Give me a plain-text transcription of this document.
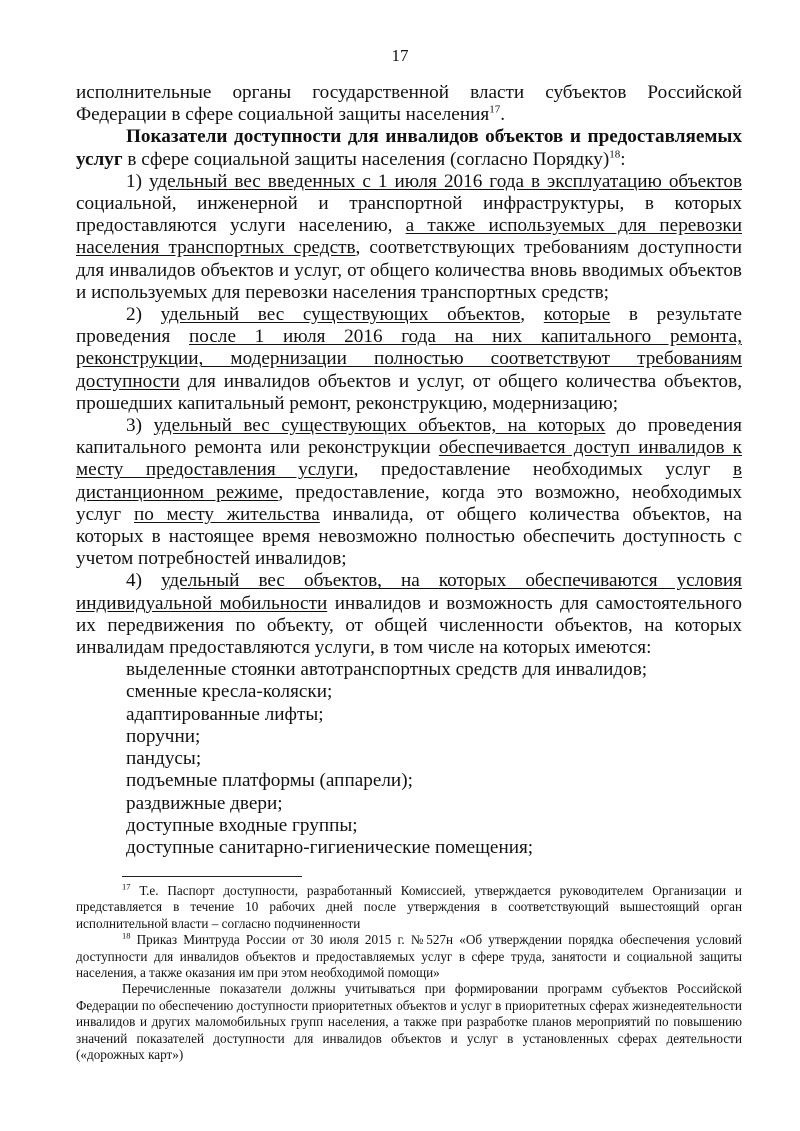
17

исполнительные органы государственной власти субъектов Российской Федерации в сфере социальной защиты населения$^{17}$.

Показатели доступности для инвалидов объектов и предоставляемых услуг в сфере социальной защиты населения (согласно Порядку)$^{18}$:

1) удельный вес введенных с 1 июля 2016 года в эксплуатацию объектов социальной, инженерной и транспортной инфраструктуры, в которых предоставляются услуги населению, а также используемых для перевозки населения транспортных средств, соответствующих требованиям доступности для инвалидов объектов и услуг, от общего количества вновь вводимых объектов и используемых для перевозки населения транспортных средств;

2) удельный вес существующих объектов, которые в результате проведения после 1 июля 2016 года на них капитального ремонта, реконструкции, модернизации полностью соответствуют требованиям доступности для инвалидов объектов и услуг, от общего количества объектов, прошедших капитальный ремонт, реконструкцию, модернизацию;

3) удельный вес существующих объектов, на которых до проведения капитального ремонта или реконструкции обеспечивается доступ инвалидов к месту предоставления услуги, предоставление необходимых услуг в дистанционном режиме, предоставление, когда это возможно, необходимых услуг по месту жительства инвалида, от общего количества объектов, на которых в настоящее время невозможно полностью обеспечить доступность с учетом потребностей инвалидов;

4) удельный вес объектов, на которых обеспечиваются условия индивидуальной мобильности инвалидов и возможность для самостоятельного их передвижения по объекту, от общей численности объектов, на которых инвалидам предоставляются услуги, в том числе на которых имеются:

выделенные стоянки автотранспортных средств для инвалидов;
сменные кресла-коляски;
адаптированные лифты;
поручни;
пандусы;
подъемные платформы (аппарели);
раздвижные двери;
доступные входные группы;
доступные санитарно-гигиенические помещения;

$^{17}$ Т.е. Паспорт доступности, разработанный Комиссией, утверждается руководителем Организации и представляется в течение 10 рабочих дней после утверждения в соответствующий вышестоящий орган исполнительной власти – согласно подчиненности

$^{18}$ Приказ Минтруда России от 30 июля 2015 г. №527н «Об утверждении порядка обеспечения условий доступности для инвалидов объектов и предоставляемых услуг в сфере труда, занятости и социальной защиты населения, а также оказания им при этом необходимой помощи»

Перечисленные показатели должны учитываться при формировании программ субъектов Российской Федерации по обеспечению доступности приоритетных объектов и услуг в приоритетных сферах жизнедеятельности инвалидов и других маломобильных групп населения, а также при разработке планов мероприятий по повышению значений показателей доступности для инвалидов объектов и услуг в установленных сферах деятельности («дорожных карт»)
